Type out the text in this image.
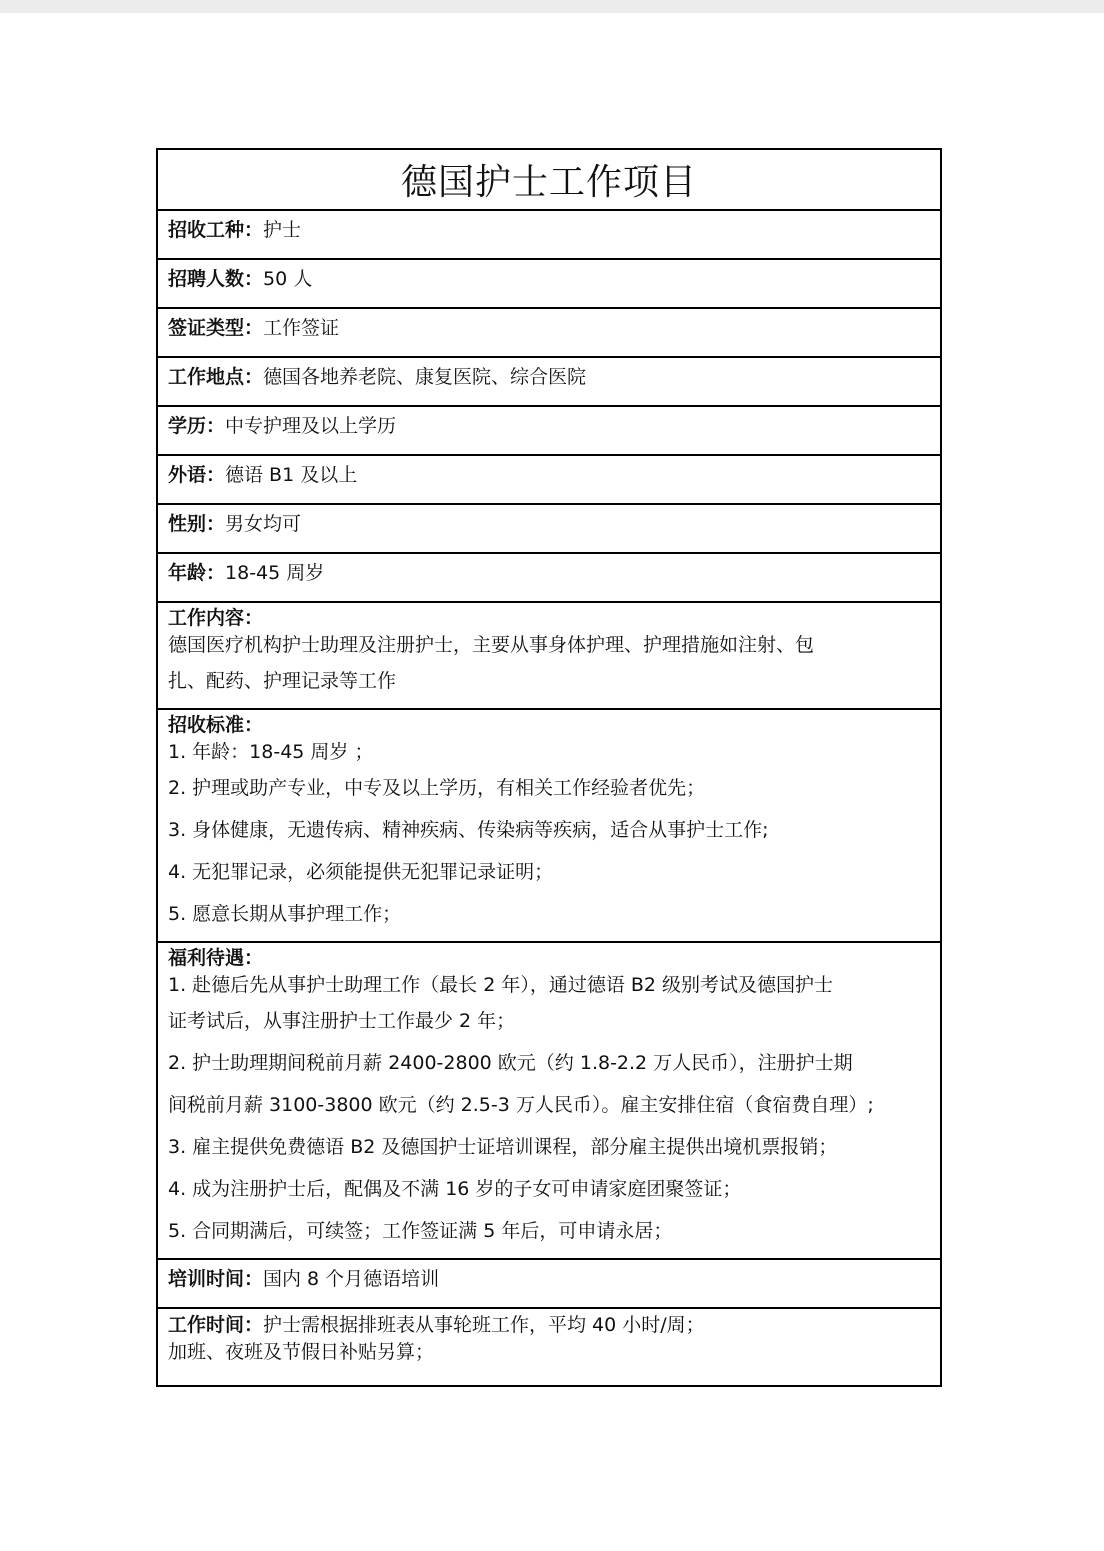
德国护士工作项目
招收工种：护士
招聘人数：50 人
签证类型：工作签证
工作地点：德国各地养老院、康复医院、综合医院
学历：中专护理及以上学历
外语：德语 B1 及以上
性别：男女均可
年龄：18-45 周岁
工作内容：
德国医疗机构护士助理及注册护士，主要从事身体护理、护理措施如注射、包
扎、配药、护理记录等工作
招收标准：
1. 年龄：18-45 周岁 ；
2. 护理或助产专业，中专及以上学历，有相关工作经验者优先；
3. 身体健康，无遗传病、精神疾病、传染病等疾病，适合从事护士工作;
4. 无犯罪记录，必须能提供无犯罪记录证明；
5. 愿意长期从事护理工作；
福利待遇：
1. 赴德后先从事护士助理工作（最长 2 年），通过德语 B2 级别考试及德国护士
证考试后，从事注册护士工作最少 2 年；
2. 护士助理期间税前月薪 2400-2800 欧元（约 1.8-2.2 万人民币），注册护士期
间税前月薪 3100-3800 欧元（约 2.5-3 万人民币）。雇主安排住宿（食宿费自理）;
3. 雇主提供免费德语 B2 及德国护士证培训课程，部分雇主提供出境机票报销；
4. 成为注册护士后，配偶及不满 16 岁的子女可申请家庭团聚签证；
5. 合同期满后，可续签；工作签证满 5 年后，可申请永居；
培训时间：国内 8 个月德语培训
工作时间：护士需根据排班表从事轮班工作，平均 40 小时/周；
加班、夜班及节假日补贴另算；
